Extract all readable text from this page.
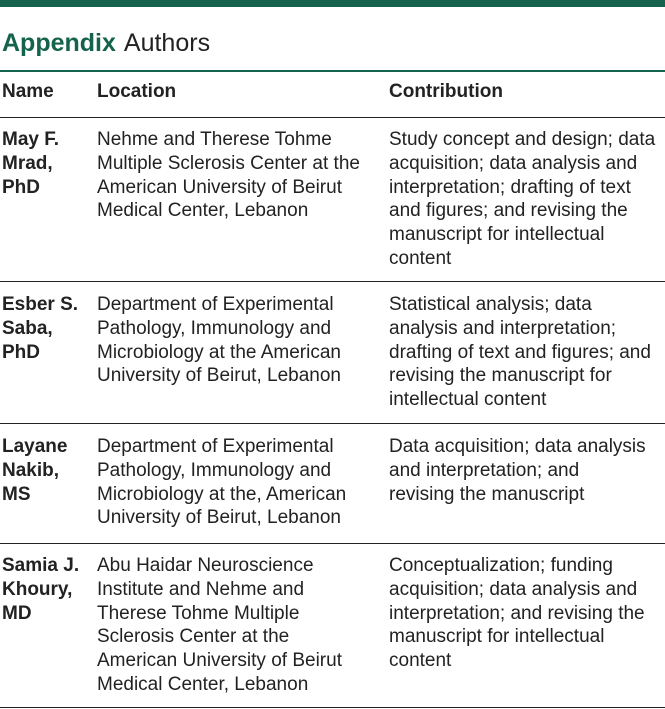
Appendix Authors
Name Location	Contribution
May F.
Mrad,
PhD
Nehme and Therese Tohme
Multiple Sclerosis Center at the
American University of Beirut
Medical Center, Lebanon
Study concept and design; data
acquisition; data analysis and
interpretation; drafting of text
and figures; and revising the
manuscript for intellectual
content
Esber S.
Saba,
PhD
Department of Experimental
Pathology, Immunology and
Microbiology at the American
University of Beirut, Lebanon
Statistical analysis; data
analysis and interpretation;
drafting of text and figures; and
revising the manuscript for
intellectual content
Layane
Nakib,
MS
Department of Experimental
Pathology, Immunology and
Microbiology at the, American
University of Beirut, Lebanon
Data acquisition; data analysis
and interpretation; and
revising the manuscript
Samia J.
Khoury,
MD
Abu Haidar Neuroscience
Institute and Nehme and
Therese Tohme Multiple
Sclerosis Center at the
American University of Beirut
Medical Center, Lebanon
Conceptualization; funding
acquisition; data analysis and
interpretation; and revising the
manuscript for intellectual
content
